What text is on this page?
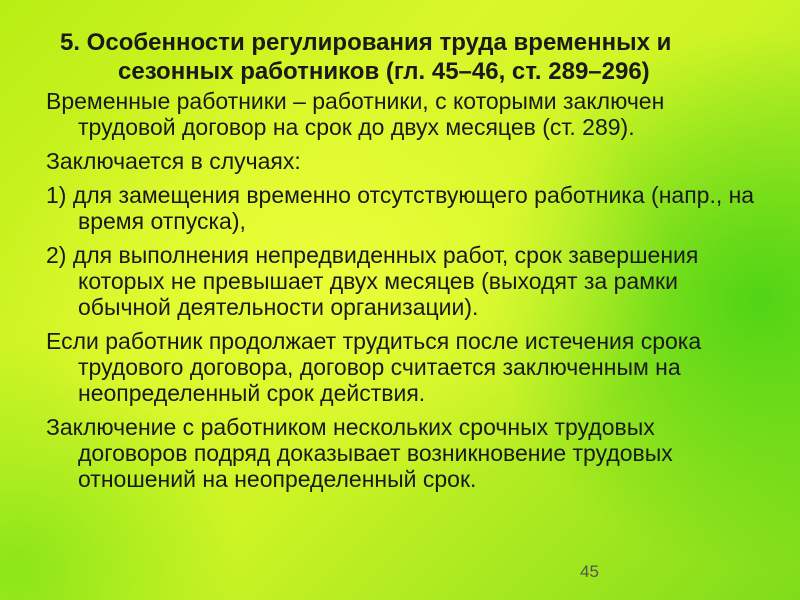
5. Особенности регулирования труда временных и
сезонных работников (гл. 45–46, ст. 289–296)
Временные работники – работники, с которыми заключен трудовой договор на срок до двух месяцев (ст. 289).
Заключается в случаях:
1) для замещения временно отсутствующего работника (напр., на время отпуска),
2) для выполнения непредвиденных работ, срок завершения которых не превышает двух месяцев (выходят за рамки обычной деятельности организации).
Если работник продолжает трудиться после истечения срока трудового договора, договор считается заключенным на неопределенный срок действия.
Заключение с работником нескольких срочных трудовых договоров подряд доказывает возникновение трудовых отношений на неопределенный срок.
45
